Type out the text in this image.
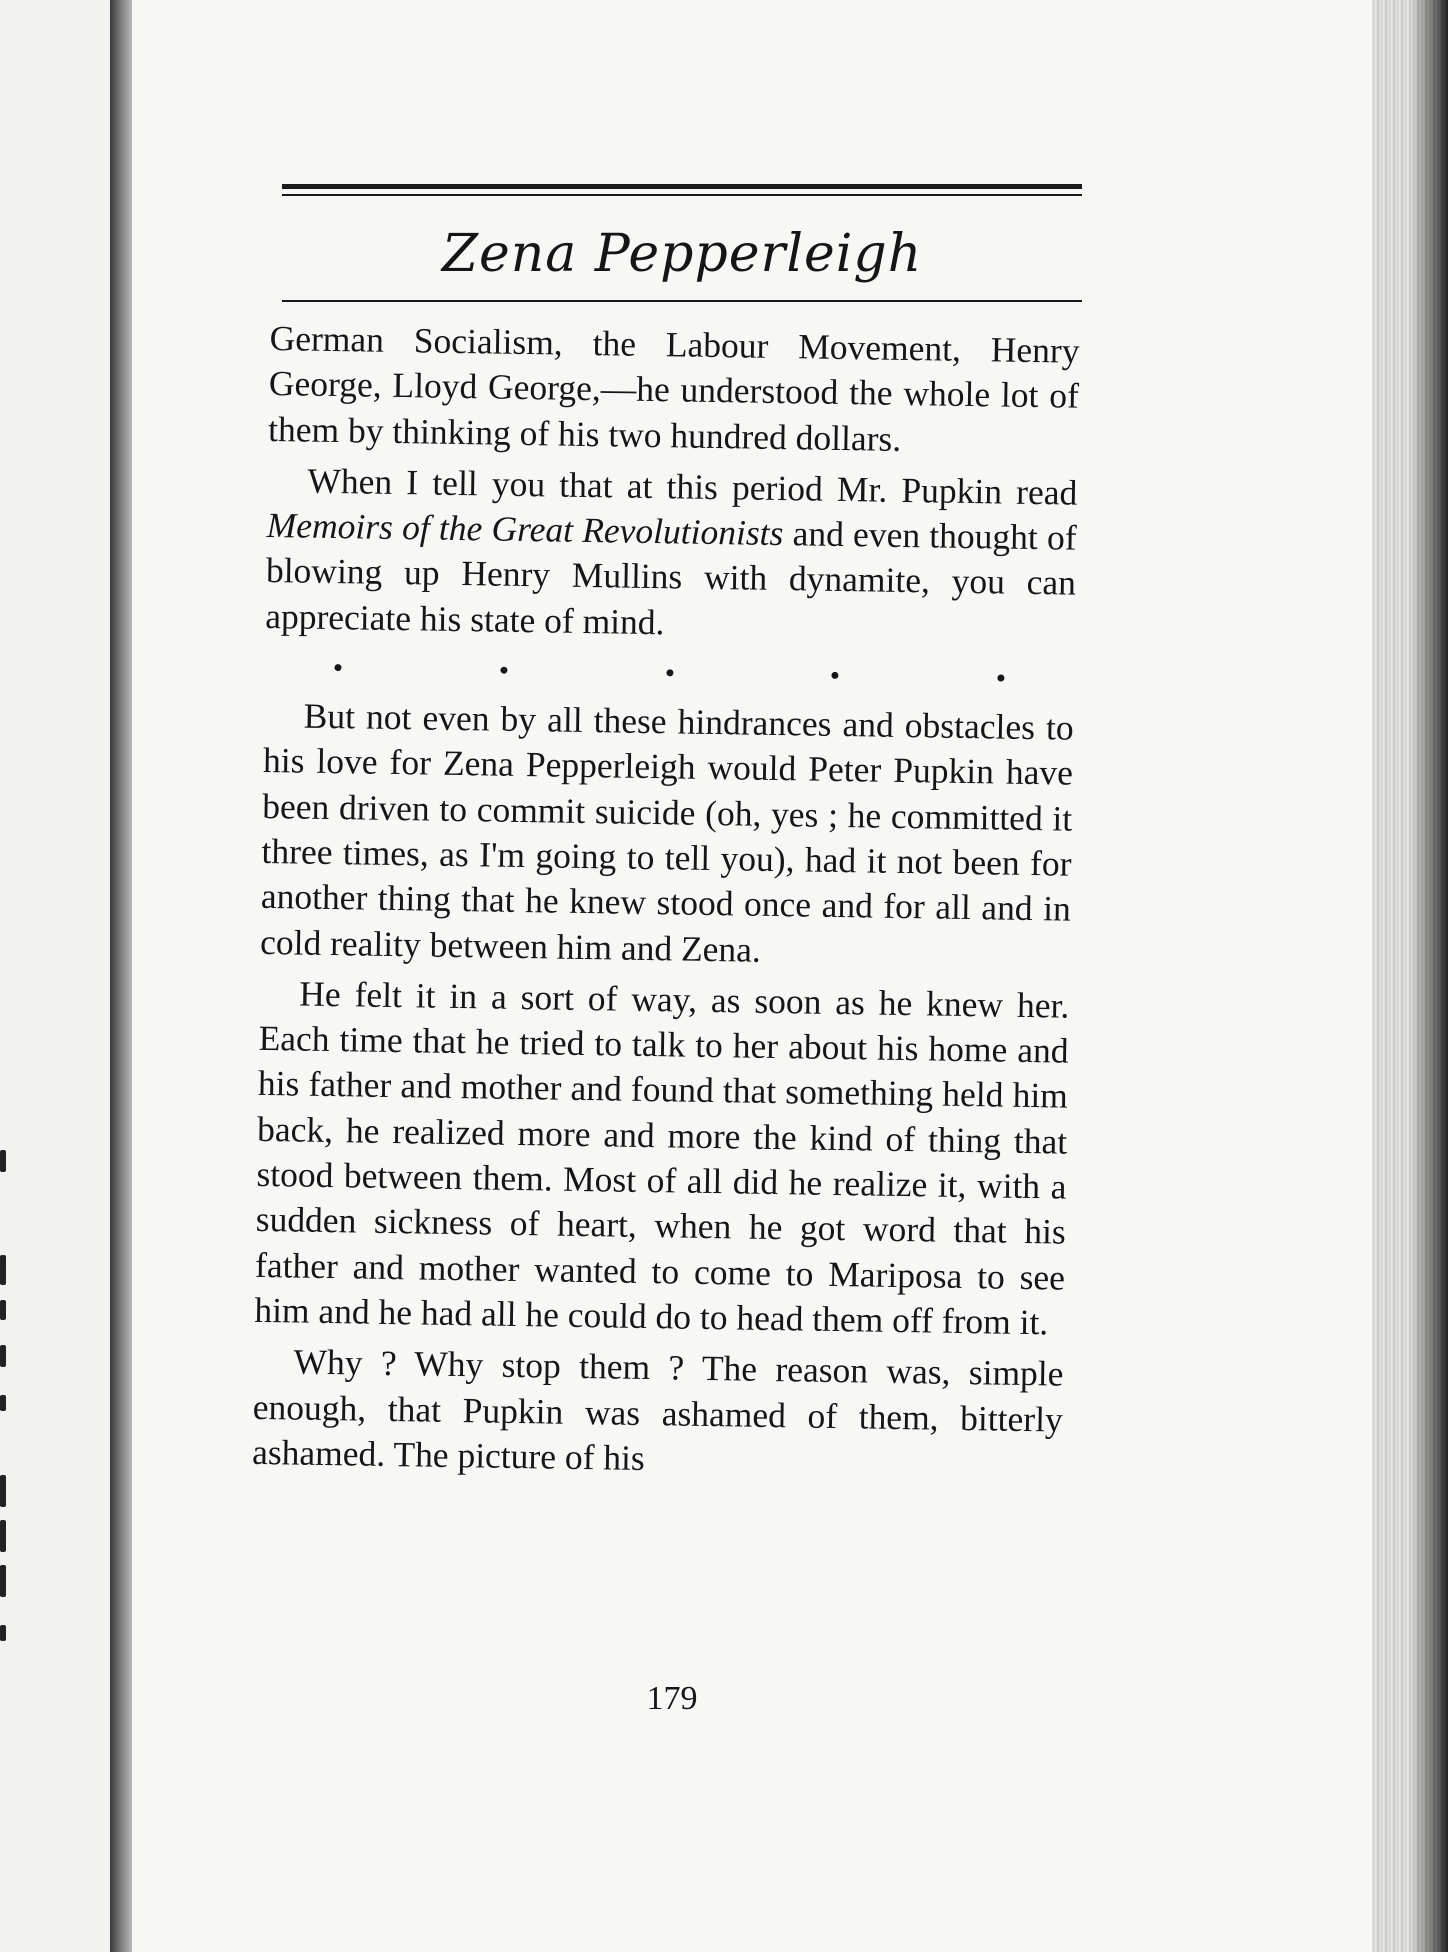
Zena Pepperleigh

German Socialism, the Labour Movement, Henry George, Lloyd George,—he understood the whole lot of them by thinking of his two hundred dollars.

When I tell you that at this period Mr. Pupkin read Memoirs of the Great Revolutionists and even thought of blowing up Henry Mullins with dynamite, you can appreciate his state of mind.

But not even by all these hindrances and obstacles to his love for Zena Pepperleigh would Peter Pupkin have been driven to commit suicide (oh, yes ; he committed it three times, as I'm going to tell you), had it not been for another thing that he knew stood once and for all and in cold reality between him and Zena.

He felt it in a sort of way, as soon as he knew her. Each time that he tried to talk to her about his home and his father and mother and found that something held him back, he realized more and more the kind of thing that stood between them. Most of all did he realize it, with a sudden sickness of heart, when he got word that his father and mother wanted to come to Mariposa to see him and he had all he could do to head them off from it.

Why ? Why stop them ? The reason was, simple enough, that Pupkin was ashamed of them, bitterly ashamed. The picture of his

179
